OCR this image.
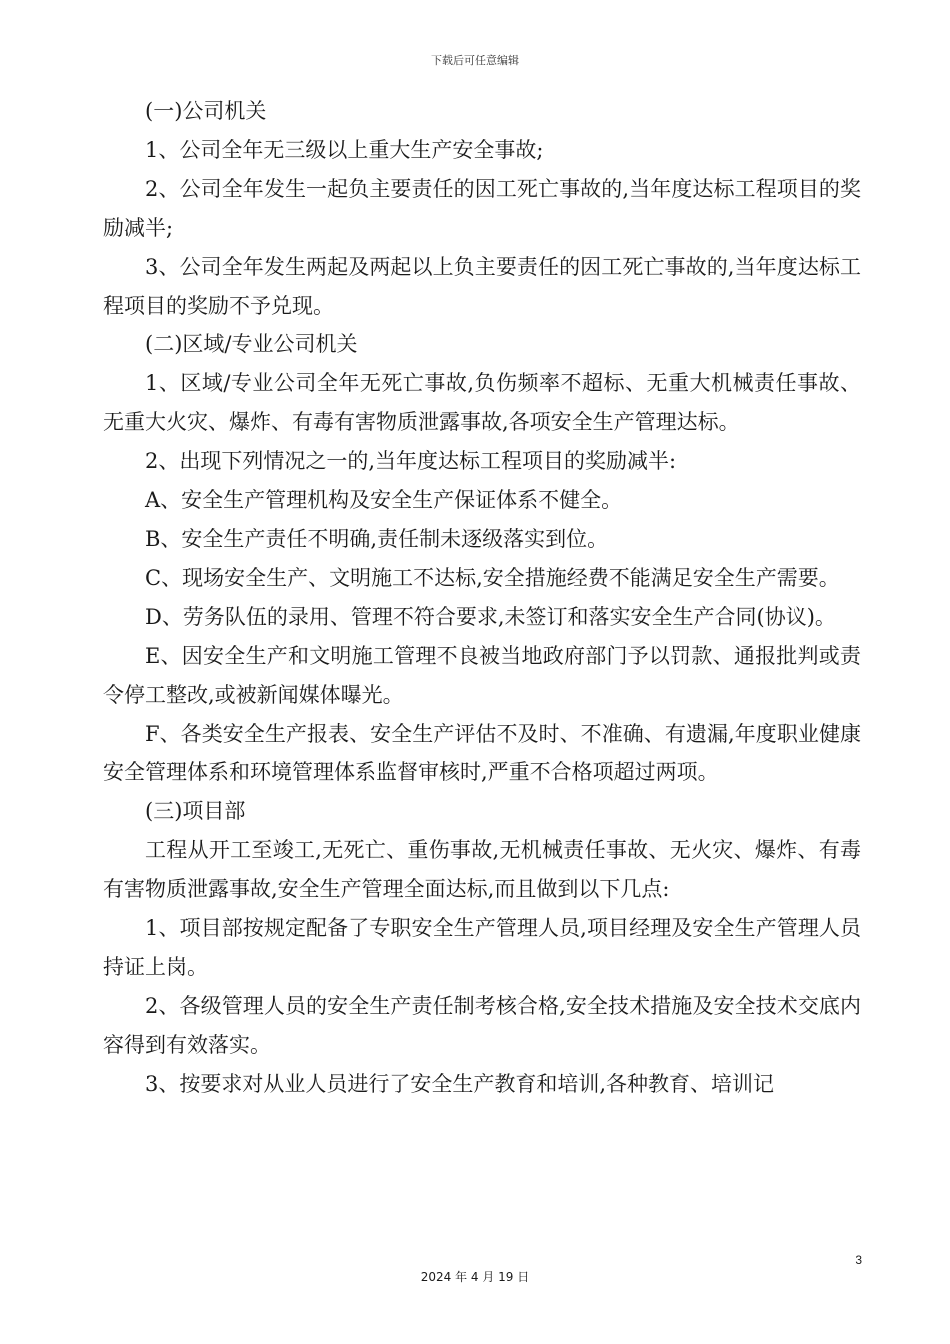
下载后可任意编辑

(一)公司机关

1、公司全年无三级以上重大生产安全事故;

2、公司全年发生一起负主要责任的因工死亡事故的,当年度达标工程项目的奖励减半;

3、公司全年发生两起及两起以上负主要责任的因工死亡事故的,当年度达标工程项目的奖励不予兑现。

(二)区域/专业公司机关

1、区域/专业公司全年无死亡事故,负伤频率不超标、无重大机械责任事故、无重大火灾、爆炸、有毒有害物质泄露事故,各项安全生产管理达标。

2、出现下列情况之一的,当年度达标工程项目的奖励减半:

A、安全生产管理机构及安全生产保证体系不健全。

B、安全生产责任不明确,责任制未逐级落实到位。

C、现场安全生产、文明施工不达标,安全措施经费不能满足安全生产需要。

D、劳务队伍的录用、管理不符合要求,未签订和落实安全生产合同(协议)。

E、因安全生产和文明施工管理不良被当地政府部门予以罚款、通报批判或责令停工整改,或被新闻媒体曝光。

F、各类安全生产报表、安全生产评估不及时、不准确、有遗漏,年度职业健康安全管理体系和环境管理体系监督审核时,严重不合格项超过两项。

(三)项目部

工程从开工至竣工,无死亡、重伤事故,无机械责任事故、无火灾、爆炸、有毒有害物质泄露事故,安全生产管理全面达标,而且做到以下几点:

1、项目部按规定配备了专职安全生产管理人员,项目经理及安全生产管理人员持证上岗。

2、各级管理人员的安全生产责任制考核合格,安全技术措施及安全技术交底内容得到有效落实。

3、按要求对从业人员进行了安全生产教育和培训,各种教育、培训记

3
2024 年 4 月 19 日
